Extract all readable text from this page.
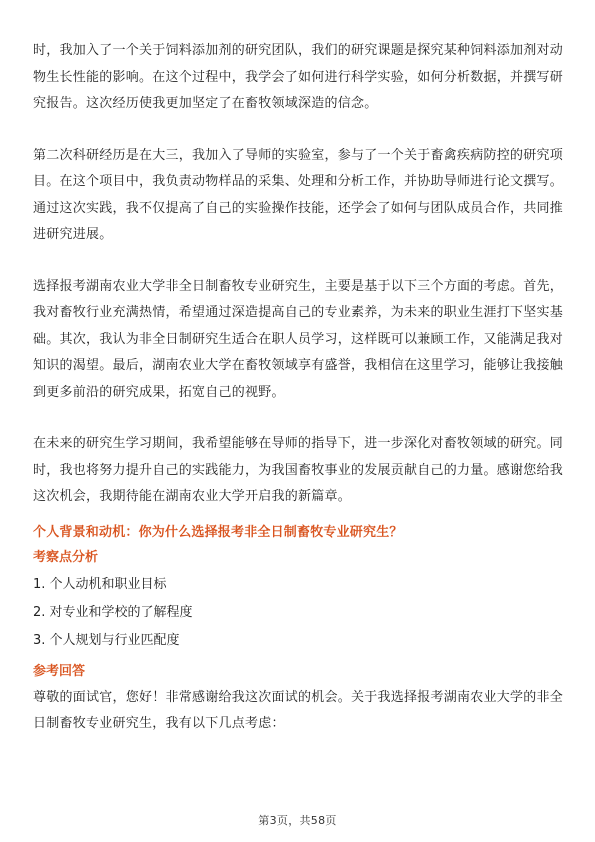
时，我加入了一个关于饲料添加剂的研究团队，我们的研究课题是探究某种饲料添加剂对动物生长性能的影响。在这个过程中，我学会了如何进行科学实验，如何分析数据，并撰写研究报告。这次经历使我更加坚定了在畜牧领域深造的信念。

第二次科研经历是在大三，我加入了导师的实验室，参与了一个关于畜禽疾病防控的研究项目。在这个项目中，我负责动物样品的采集、处理和分析工作，并协助导师进行论文撰写。通过这次实践，我不仅提高了自己的实验操作技能，还学会了如何与团队成员合作，共同推进研究进展。

选择报考湖南农业大学非全日制畜牧专业研究生，主要是基于以下三个方面的考虑。首先，我对畜牧行业充满热情，希望通过深造提高自己的专业素养，为未来的职业生涯打下坚实基础。其次，我认为非全日制研究生适合在职人员学习，这样既可以兼顾工作，又能满足我对知识的渴望。最后，湖南农业大学在畜牧领域享有盛誉，我相信在这里学习，能够让我接触到更多前沿的研究成果，拓宽自己的视野。

在未来的研究生学习期间，我希望能够在导师的指导下，进一步深化对畜牧领域的研究。同时，我也将努力提升自己的实践能力，为我国畜牧事业的发展贡献自己的力量。感谢您给我这次机会，我期待能在湖南农业大学开启我的新篇章。

个人背景和动机：你为什么选择报考非全日制畜牧专业研究生？

考察点分析

1. 个人动机和职业目标
2. 对专业和学校的了解程度
3. 个人规划与行业匹配度

参考回答

尊敬的面试官，您好！非常感谢给我这次面试的机会。关于我选择报考湖南农业大学的非全日制畜牧专业研究生，我有以下几点考虑：

第3页，共58页
